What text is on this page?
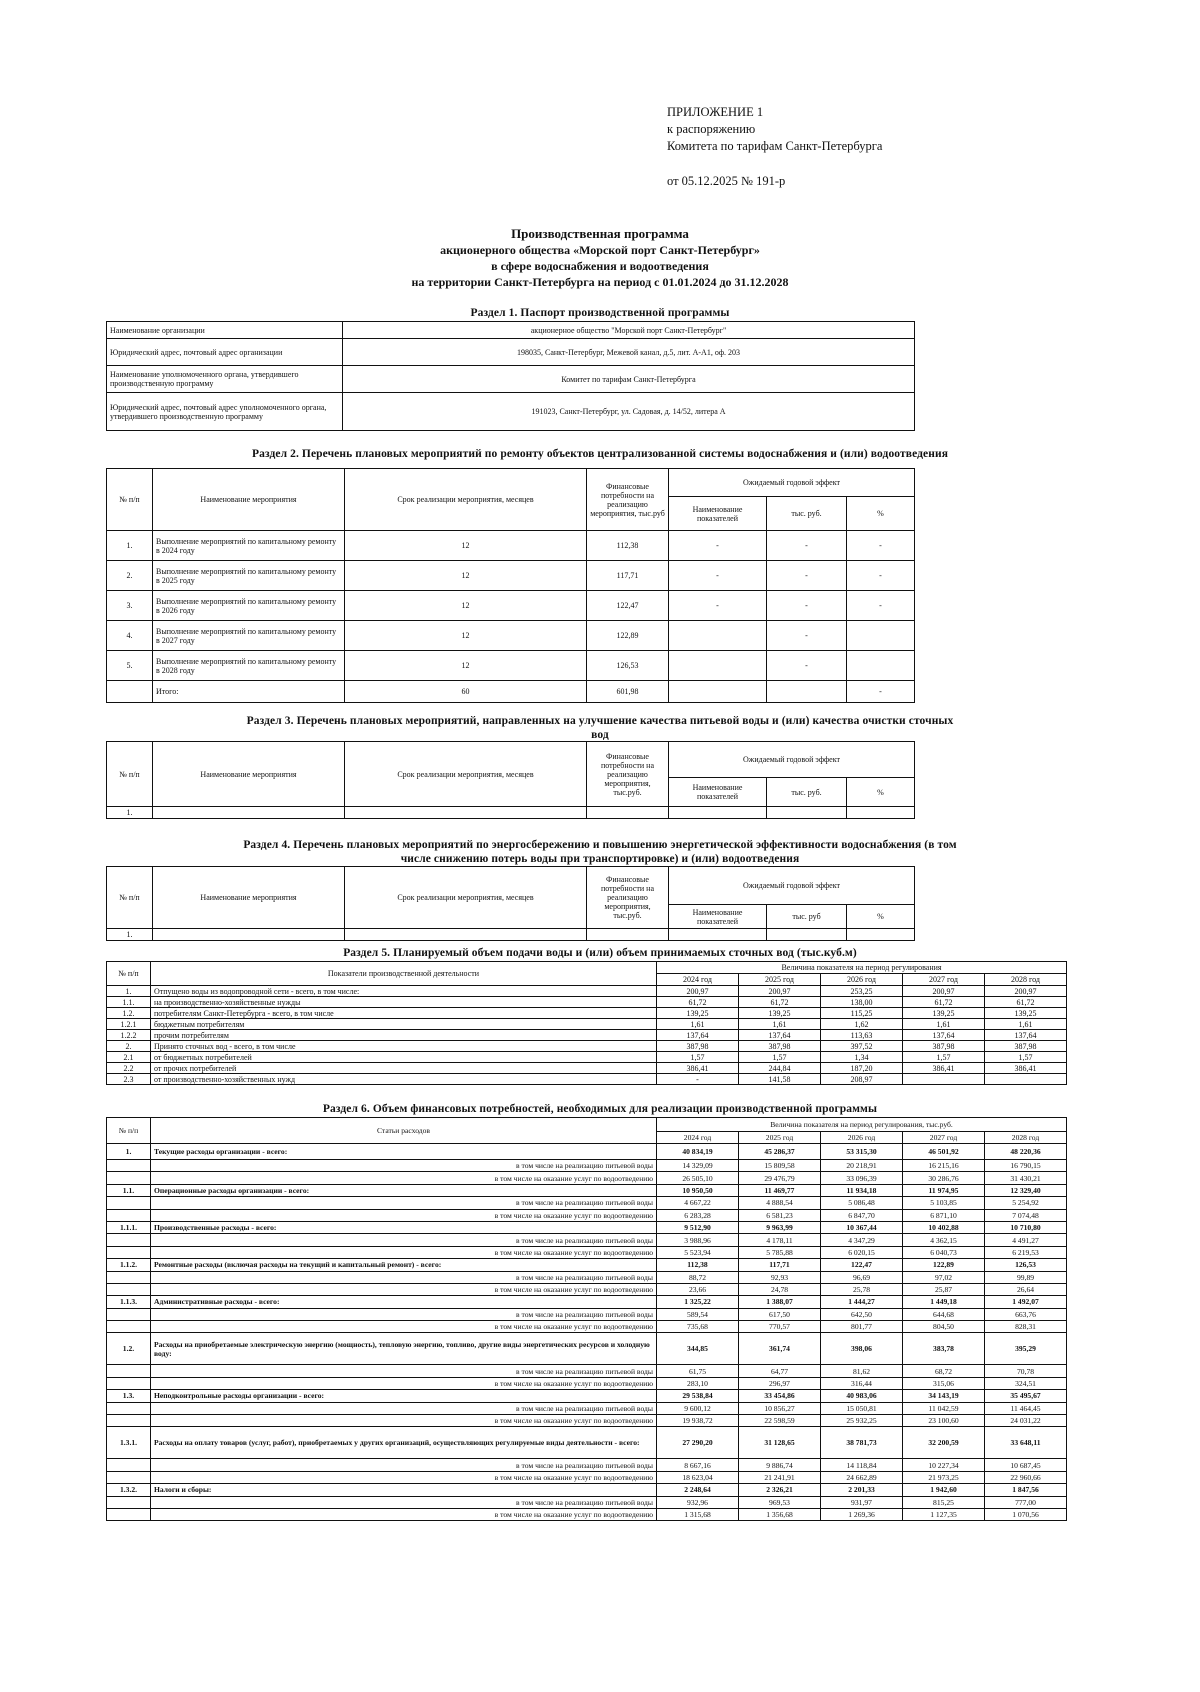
ПРИЛОЖЕНИЕ 1
к распоряжению
Комитета по тарифам Санкт-Петербурга
от 05.12.2025 № 191-р
Производственная программа
акционерного общества «Морской порт Санкт-Петербург»
в сфере водоснабжения и водоотведения
на территории Санкт-Петербурга на период с 01.01.2024 до 31.12.2028
Раздел 1. Паспорт производственной программы
Наименование организации	акционерное общество "Морской порт Санкт-Петербург"
Юридический адрес, почтовый адрес организации	198035, Санкт-Петербург, Межевой канал, д.5, лит. А-А1, оф. 203
Наименование уполномоченного органа, утвердившего производственную программу	Комитет по тарифам Санкт-Петербурга
Юридический адрес, почтовый адрес уполномоченного органа, утвердившего производственную программу	191023, Санкт-Петербург, ул. Садовая, д. 14/52, литера А
Раздел 2. Перечень плановых мероприятий по ремонту объектов централизованной системы водоснабжения и (или) водоотведения
№ п/п	Наименование мероприятия	Срок реализации мероприятия, месяцев	Финансовые потребности на реализацию мероприятия, тыс.руб	Ожидаемый годовой эффект		
				Наименование показателей	тыс. руб.	%
1.	Выполнение мероприятий по капитальному ремонту в 2024 году	12	112,38	-	-	-
2.	Выполнение мероприятий по капитальному ремонту в 2025 году	12	117,71	-	-	-
3.	Выполнение мероприятий по капитальному ремонту в 2026 году	12	122,47	-	-	-
4.	Выполнение мероприятий по капитальному ремонту в 2027 году	12	122,89		-	
5.	Выполнение мероприятий по капитальному ремонту в 2028 году	12	126,53		-	
	Итого:	60	601,98			-
Раздел 3. Перечень плановых мероприятий, направленных на улучшение качества питьевой воды и (или) качества очистки сточных
вод
№ п/п	Наименование мероприятия	Срок реализации мероприятия, месяцев	Финансовые потребности на реализацию мероприятия, тыс.руб.	Ожидаемый годовой эффект		
				Наименование показателей	тыс. руб.	%
1.						
Раздел 4. Перечень плановых мероприятий по энергосбережению и повышению энергетической эффективности водоснабжения (в том
числе снижению потерь воды при транспортировке) и (или) водоотведения
№ п/п	Наименование мероприятия	Срок реализации мероприятия, месяцев	Финансовые потребности на реализацию мероприятия, тыс.руб.	Ожидаемый годовой эффект		
				Наименование показателей	тыс. руб	%
1.						
Раздел 5. Планируемый объем подачи воды и (или) объем принимаемых сточных вод (тыс.куб.м)
№ п/п	Показатели производственной деятельности	Величина показателя на период регулирования				
		2024 год	2025 год	2026 год	2027 год	2028 год
1.	Отпущено воды из водопроводной сети - всего, в том числе:	200,97	200,97	253,25	200,97	200,97
1.1.	на производственно-хозяйственные нужды	61,72	61,72	138,00	61,72	61,72
1.2.	потребителям Санкт-Петербурга - всего, в том числе	139,25	139,25	115,25	139,25	139,25
1.2.1	бюджетным потребителям	1,61	1,61	1,62	1,61	1,61
1.2.2	прочим потребителям	137,64	137,64	113,63	137,64	137,64
2.	Принято сточных вод - всего, в том числе	387,98	387,98	397,52	387,98	387,98
2.1	от бюджетных потребителей	1,57	1,57	1,34	1,57	1,57
2.2	от прочих потребителей	386,41	244,84	187,20	386,41	386,41
2.3	от производственно-хозяйственных нужд	-	141,58	208,97		
Раздел 6. Объем финансовых потребностей, необходимых для реализации производственной программы
№ п/п	Статьи расходов	Величина показателя на период регулирования, тыс.руб.				
		2024 год	2025 год	2026 год	2027 год	2028 год
1.	Текущие расходы организации - всего:	40 834,19	45 286,37	53 315,30	46 501,92	48 220,36
	в том числе на реализацию питьевой воды	14 329,09	15 809,58	20 218,91	16 215,16	16 790,15
	в том числе на оказание услуг по водоотведению	26 505,10	29 476,79	33 096,39	30 286,76	31 430,21
1.1.	Операционные расходы организации - всего:	10 950,50	11 469,77	11 934,18	11 974,95	12 329,40
	в том числе на реализацию питьевой воды	4 667,22	4 888,54	5 086,48	5 103,85	5 254,92
	в том числе на оказание услуг по водоотведению	6 283,28	6 581,23	6 847,70	6 871,10	7 074,48
1.1.1.	Производственные расходы - всего:	9 512,90	9 963,99	10 367,44	10 402,88	10 710,80
	в том числе на реализацию питьевой воды	3 988,96	4 178,11	4 347,29	4 362,15	4 491,27
	в том числе на оказание услуг по водоотведению	5 523,94	5 785,88	6 020,15	6 040,73	6 219,53
1.1.2.	Ремонтные расходы (включая расходы на текущий и капитальный ремонт) - всего:	112,38	117,71	122,47	122,89	126,53
	в том числе на реализацию питьевой воды	88,72	92,93	96,69	97,02	99,89
	в том числе на оказание услуг по водоотведению	23,66	24,78	25,78	25,87	26,64
1.1.3.	Административные расходы - всего:	1 325,22	1 388,07	1 444,27	1 449,18	1 492,07
	в том числе на реализацию питьевой воды	589,54	617,50	642,50	644,68	663,76
	в том числе на оказание услуг по водоотведению	735,68	770,57	801,77	804,50	828,31
1.2.	Расходы на приобретаемые электрическую энергию (мощность), тепловую энергию, топливо, другие виды энергетических ресурсов и холодную воду:	344,85	361,74	398,06	383,78	395,29
	в том числе на реализацию питьевой воды	61,75	64,77	81,62	68,72	70,78
	в том числе на оказание услуг по водоотведению	283,10	296,97	316,44	315,06	324,51
1.3.	Неподконтрольные расходы организации - всего:	29 538,84	33 454,86	40 983,06	34 143,19	35 495,67
	в том числе на реализацию питьевой воды	9 600,12	10 856,27	15 050,81	11 042,59	11 464,45
	в том числе на оказание услуг по водоотведению	19 938,72	22 598,59	25 932,25	23 100,60	24 031,22
1.3.1.	Расходы на оплату товаров (услуг, работ), приобретаемых у других организаций, осуществляющих регулируемые виды деятельности - всего:	27 290,20	31 128,65	38 781,73	32 200,59	33 648,11
	в том числе на реализацию питьевой воды	8 667,16	9 886,74	14 118,84	10 227,34	10 687,45
	в том числе на оказание услуг по водоотведению	18 623,04	21 241,91	24 662,89	21 973,25	22 960,66
1.3.2.	Налоги и сборы:	2 248,64	2 326,21	2 201,33	1 942,60	1 847,56
	в том числе на реализацию питьевой воды	932,96	969,53	931,97	815,25	777,00
	в том числе на оказание услуг по водоотведению	1 315,68	1 356,68	1 269,36	1 127,35	1 070,56
